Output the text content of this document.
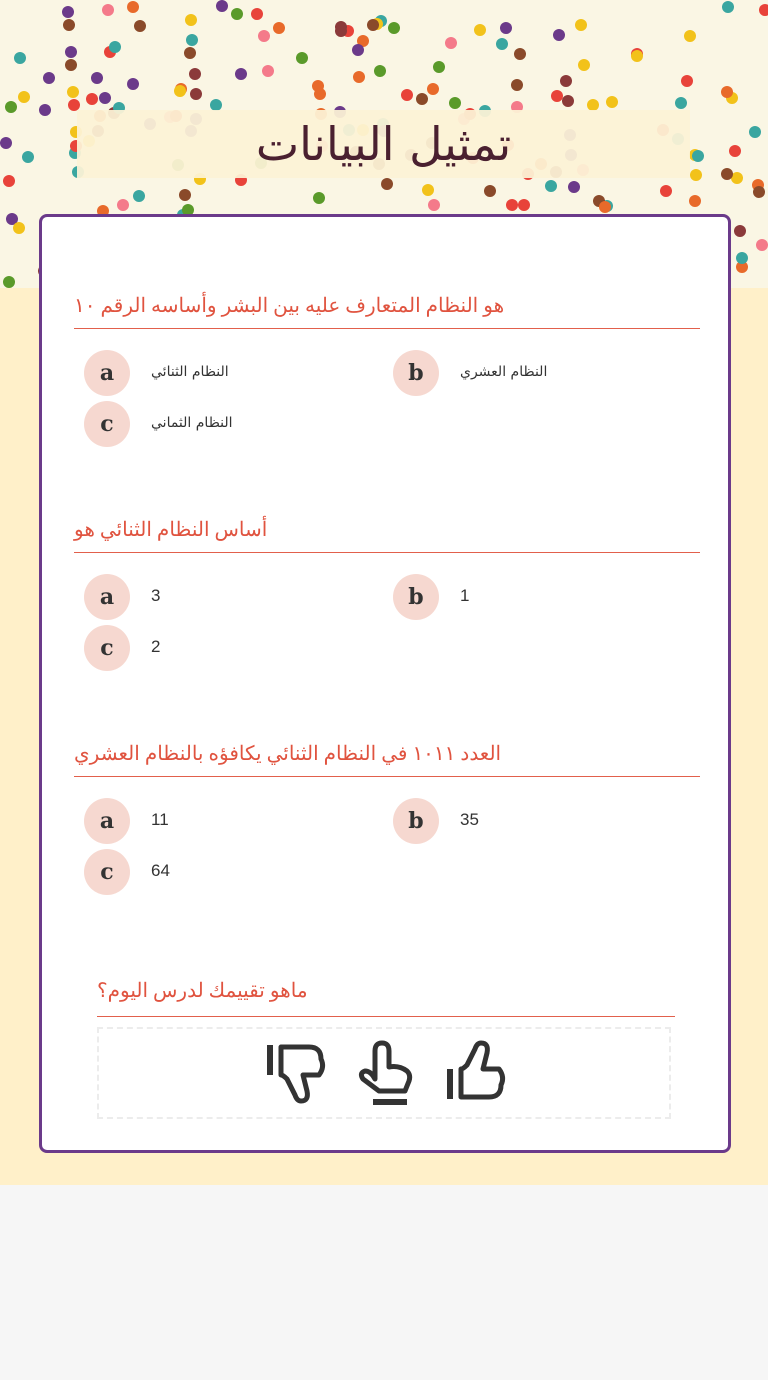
تمثيل البيانات
هو النظام المتعارف عليه بين البشر وأساسه الرقم ١٠
a	النظام الثنائي	b	النظام العشري
c	النظام الثماني
أساس النظام الثنائي هو
a	3	b	1
c	2
العدد ١٠١١ في النظام الثنائي يكافؤه بالنظام العشري
a	11	b	35
c	64
ماهو تقييمك لدرس اليوم؟
